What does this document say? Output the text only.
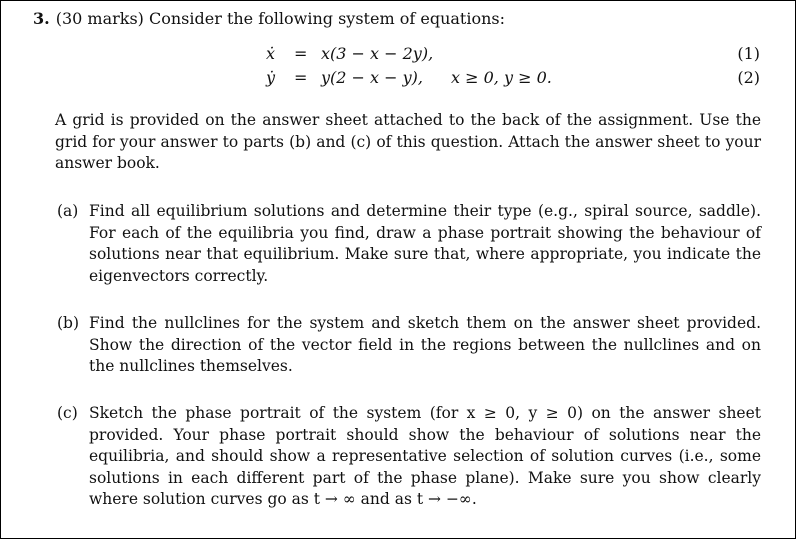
3. (30 marks) Consider the following system of equations:
ẋ = x(3 − x − 2y),	(1)
ẏ = y(2 − x − y), x ≥ 0, y ≥ 0.	(2)
A grid is provided on the answer sheet attached to the back of the assignment. Use the grid for your answer to parts (b) and (c) of this question. Attach the answer sheet to your answer book.
(a) Find all equilibrium solutions and determine their type (e.g., spiral source, saddle). For each of the equilibria you find, draw a phase portrait showing the behaviour of solutions near that equilibrium. Make sure that, where appropriate, you indicate the eigenvectors correctly.
(b) Find the nullclines for the system and sketch them on the answer sheet provided. Show the direction of the vector field in the regions between the nullclines and on the nullclines themselves.
(c) Sketch the phase portrait of the system (for x ≥ 0, y ≥ 0) on the answer sheet provided. Your phase portrait should show the behaviour of solutions near the equilibria, and should show a representative selection of solution curves (i.e., some solutions in each different part of the phase plane). Make sure you show clearly where solution curves go as t → ∞ and as t → −∞.
